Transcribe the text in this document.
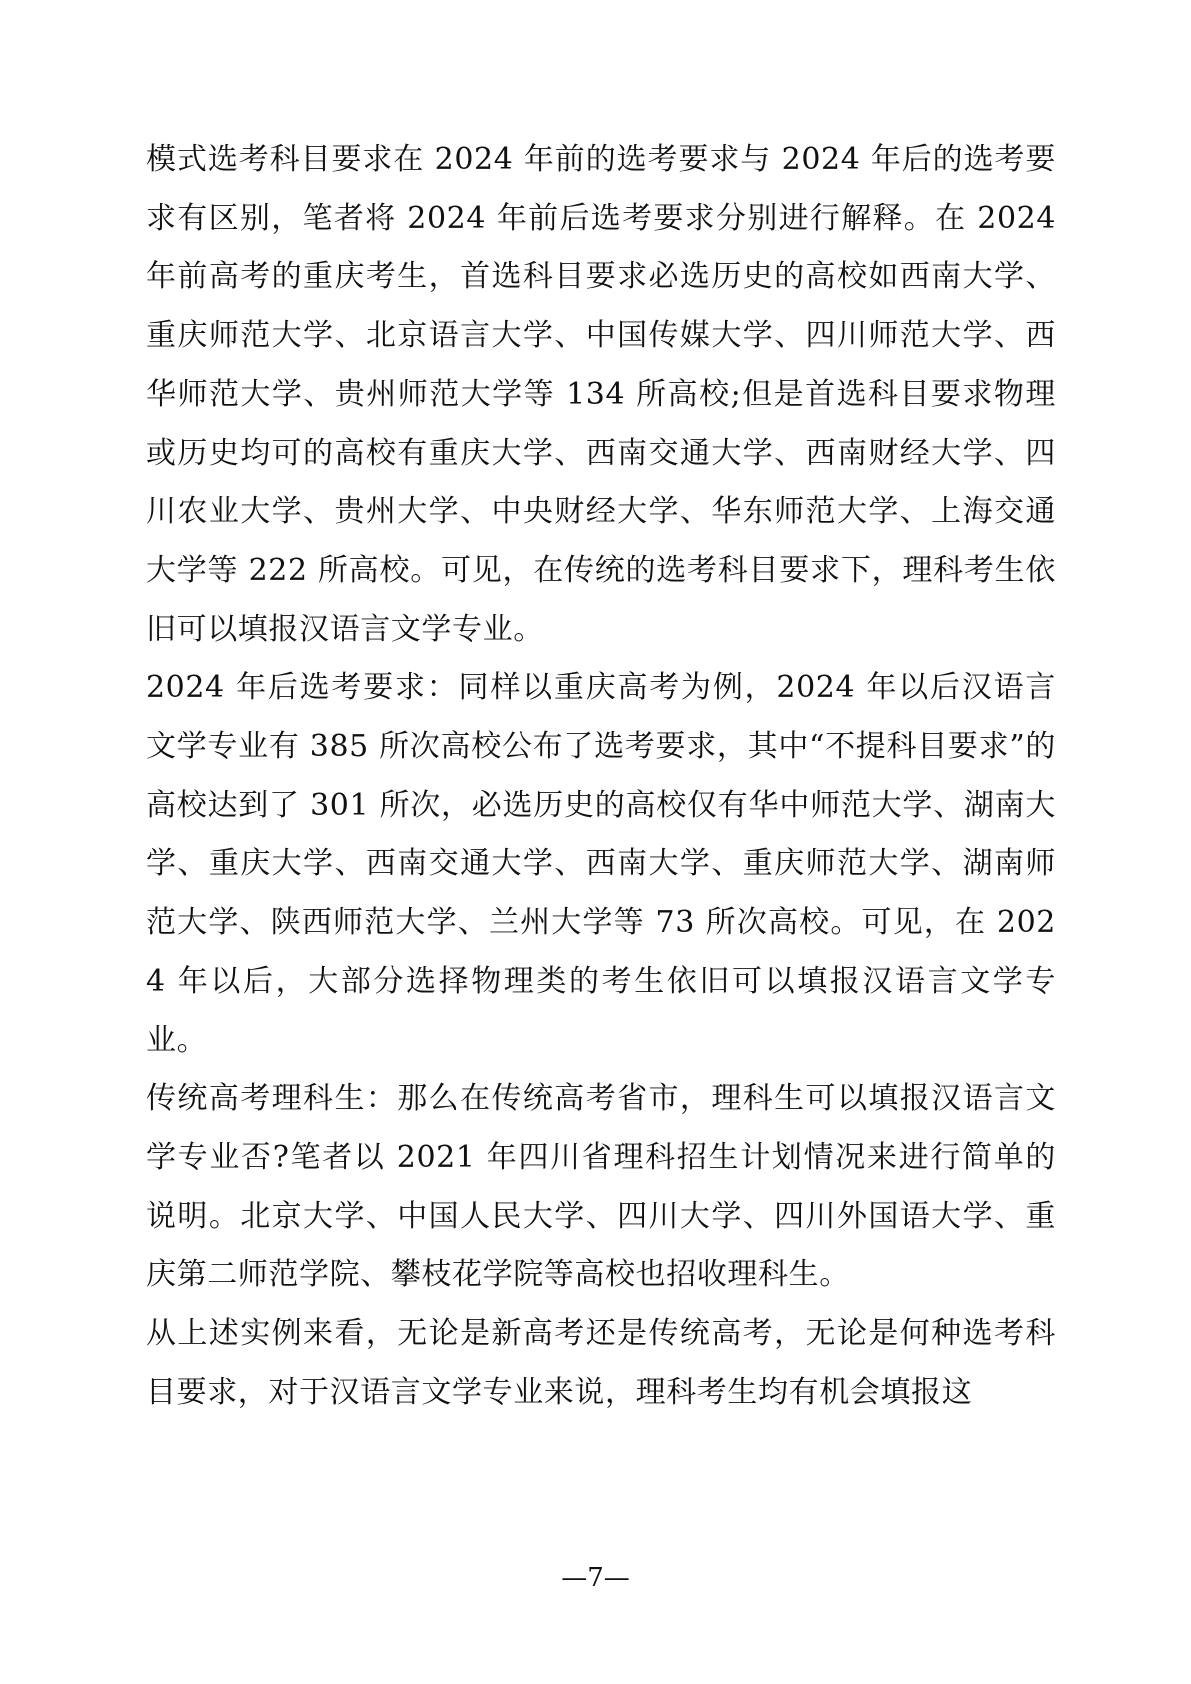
模式选考科目要求在 2024 年前的选考要求与 2024 年后的选考要求有区别，笔者将 2024 年前后选考要求分别进行解释。在 2024 年前高考的重庆考生，首选科目要求必选历史的高校如西南大学、重庆师范大学、北京语言大学、中国传媒大学、四川师范大学、西华师范大学、贵州师范大学等 134 所高校;但是首选科目要求物理或历史均可的高校有重庆大学、西南交通大学、西南财经大学、四川农业大学、贵州大学、中央财经大学、华东师范大学、上海交通大学等 222 所高校。可见，在传统的选考科目要求下，理科考生依旧可以填报汉语言文学专业。

2024 年后选考要求：同样以重庆高考为例，2024 年以后汉语言文学专业有 385 所次高校公布了选考要求，其中“不提科目要求”的高校达到了 301 所次，必选历史的高校仅有华中师范大学、湖南大学、重庆大学、西南交通大学、西南大学、重庆师范大学、湖南师范大学、陕西师范大学、兰州大学等 73 所次高校。可见，在 2024 年以后，大部分选择物理类的考生依旧可以填报汉语言文学专业。

传统高考理科生：那么在传统高考省市，理科生可以填报汉语言文学专业否?笔者以 2021 年四川省理科招生计划情况来进行简单的说明。北京大学、中国人民大学、四川大学、四川外国语大学、重庆第二师范学院、攀枝花学院等高校也招收理科生。

从上述实例来看，无论是新高考还是传统高考，无论是何种选考科目要求，对于汉语言文学专业来说，理科考生均有机会填报这

—7—
